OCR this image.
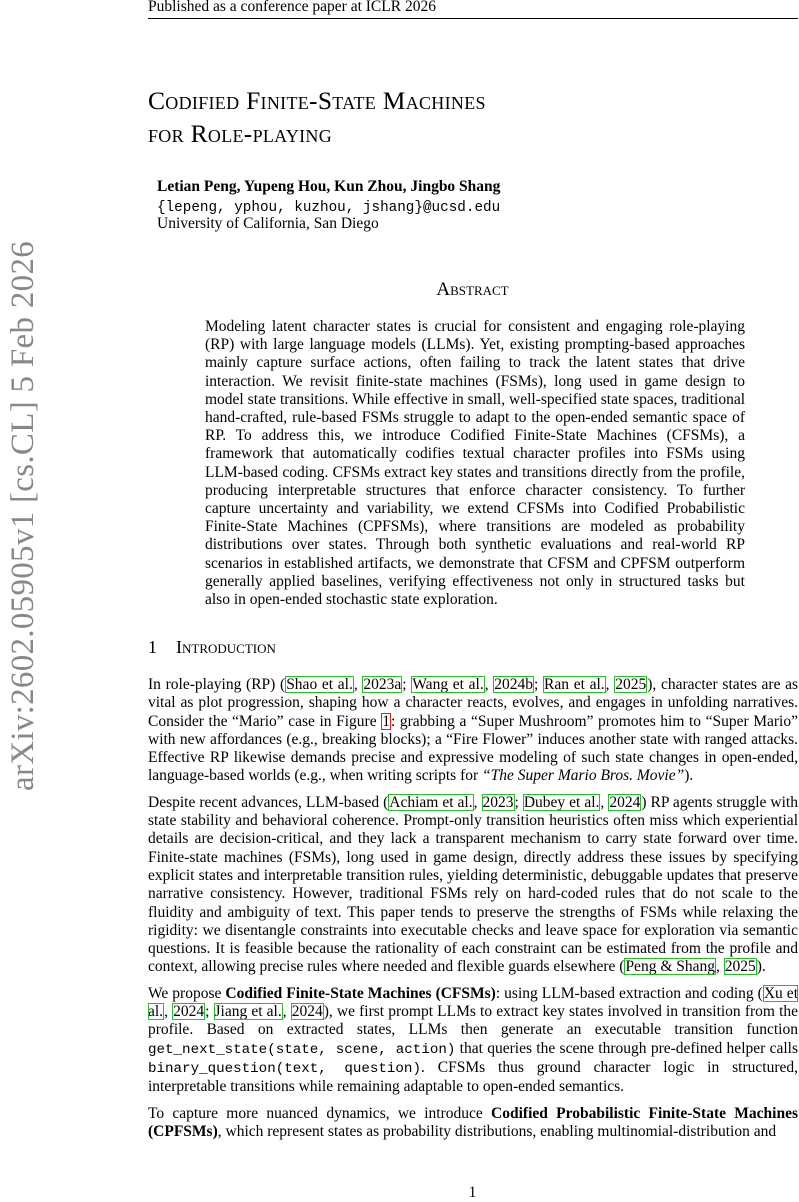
Published as a conference paper at ICLR 2026
arXiv:2602.05905v1 [cs.CL] 5 Feb 2026
Codified Finite-State Machines
for Role-playing
Letian Peng, Yupeng Hou, Kun Zhou, Jingbo Shang
{lepeng, yphou, kuzhou, jshang}@ucsd.edu
University of California, San Diego
Abstract
Modeling latent character states is crucial for consistent and engaging role-playing (RP) with large language models (LLMs). Yet, existing prompting-based approaches mainly capture surface actions, often failing to track the latent states that drive interaction. We revisit finite-state machines (FSMs), long used in game design to model state transitions. While effective in small, well-specified state spaces, traditional hand-crafted, rule-based FSMs struggle to adapt to the open-ended semantic space of RP. To address this, we introduce Codified Finite-State Machines (CFSMs), a framework that automatically codifies textual character profiles into FSMs using LLM-based coding. CFSMs extract key states and transitions directly from the profile, producing interpretable structures that enforce character consistency. To further capture uncertainty and variability, we extend CFSMs into Codified Probabilistic Finite-State Machines (CPFSMs), where transitions are modeled as probability distributions over states. Through both synthetic evaluations and real-world RP scenarios in established artifacts, we demonstrate that CFSM and CPFSM outperform generally applied baselines, verifying effectiveness not only in structured tasks but also in open-ended stochastic state exploration.
1 Introduction

In role-playing (RP) (Shao et al., 2023a; Wang et al., 2024b; Ran et al., 2025), character states are as vital as plot progression, shaping how a character reacts, evolves, and engages in unfolding narratives. Consider the “Mario” case in Figure 1: grabbing a “Super Mushroom” promotes him to “Super Mario” with new affordances (e.g., breaking blocks); a “Fire Flower” induces another state with ranged attacks. Effective RP likewise demands precise and expressive modeling of such state changes in open-ended, language-based worlds (e.g., when writing scripts for “The Super Mario Bros. Movie”).

Despite recent advances, LLM-based (Achiam et al., 2023; Dubey et al., 2024) RP agents struggle with state stability and behavioral coherence. Prompt-only transition heuristics often miss which experiential details are decision-critical, and they lack a transparent mechanism to carry state forward over time. Finite-state machines (FSMs), long used in game design, directly address these issues by specifying explicit states and interpretable transition rules, yielding deterministic, debuggable updates that preserve narrative consistency. However, traditional FSMs rely on hard-coded rules that do not scale to the fluidity and ambiguity of text. This paper tends to preserve the strengths of FSMs while relaxing the rigidity: we disentangle constraints into executable checks and leave space for exploration via semantic questions. It is feasible because the rationality of each constraint can be estimated from the profile and context, allowing precise rules where needed and flexible guards elsewhere (Peng & Shang, 2025).

We propose Codified Finite-State Machines (CFSMs): using LLM-based extraction and coding (Xu et al., 2024; Jiang et al., 2024), we first prompt LLMs to extract key states involved in transition from the profile. Based on extracted states, LLMs then generate an executable transition function get_next_state(state, scene, action) that queries the scene through pre-defined helper calls binary_question(text, question). CFSMs thus ground character logic in structured, interpretable transitions while remaining adaptable to open-ended semantics.

To capture more nuanced dynamics, we introduce Codified Probabilistic Finite-State Machines (CPFSMs), which represent states as probability distributions, enabling multinomial-distribution and

1
